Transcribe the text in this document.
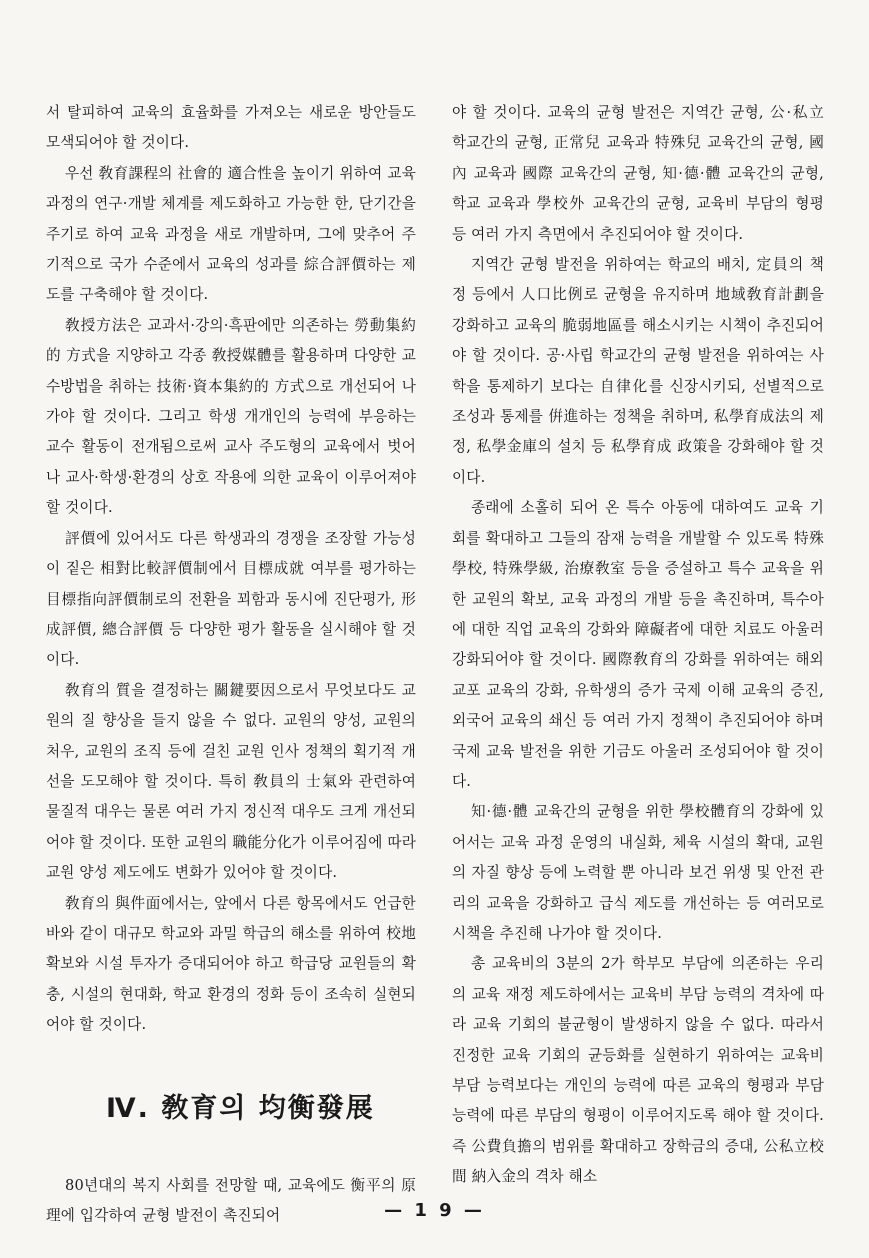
서 탈피하여 교육의 효율화를 가져오는 새로운 방안들도 모색되어야 할 것이다.

우선 敎育課程의 社會的 適合性을 높이기 위하여 교육 과정의 연구·개발 체계를 제도화하고 가능한 한, 단기간을 주기로 하여 교육 과정을 새로 개발하며, 그에 맞추어 주기적으로 국가 수준에서 교육의 성과를 綜合評價하는 제도를 구축해야 할 것이다.

敎授方法은 교과서·강의·흑판에만 의존하는 勞動集約的 方式을 지양하고 각종 敎授媒體를 활용하며 다양한 교수방법을 취하는 技術·資本集約的 方式으로 개선되어 나가야 할 것이다. 그리고 학생 개개인의 능력에 부응하는 교수 활동이 전개됨으로써 교사 주도형의 교육에서 벗어나 교사·학생·환경의 상호 작용에 의한 교육이 이루어져야 할 것이다.

評價에 있어서도 다른 학생과의 경쟁을 조장할 가능성이 짙은 相對比較評價制에서 目標成就 여부를 평가하는 目標指向評價制로의 전환을 꾀함과 동시에 진단평가, 形成評價, 總合評價 등 다양한 평가 활동을 실시해야 할 것이다.

敎育의 質을 결정하는 關鍵要因으로서 무엇보다도 교원의 질 향상을 들지 않을 수 없다. 교원의 양성, 교원의 처우, 교원의 조직 등에 걸친 교원 인사 정책의 획기적 개선을 도모해야 할 것이다. 특히 敎員의 士氣와 관련하여 물질적 대우는 물론 여러 가지 정신적 대우도 크게 개선되어야 할 것이다. 또한 교원의 職能分化가 이루어짐에 따라 교원 양성 제도에도 변화가 있어야 할 것이다.

敎育의 與件面에서는, 앞에서 다른 항목에서도 언급한 바와 같이 대규모 학교와 과밀 학급의 해소를 위하여 校地 확보와 시설 투자가 증대되어야 하고 학급당 교원들의 확충, 시설의 현대화, 학교 환경의 정화 등이 조속히 실현되어야 할 것이다.

Ⅳ. 敎育의 均衡發展

80년대의 복지 사회를 전망할 때, 교육에도 衡平의 原理에 입각하여 균형 발전이 촉진되어

야 할 것이다. 교육의 균형 발전은 지역간 균형, 公·私立 학교간의 균형, 正常兒 교육과 特殊兒 교육간의 균형, 國內 교육과 國際 교육간의 균형, 知·德·體 교육간의 균형, 학교 교육과 學校外 교육간의 균형, 교육비 부담의 형평 등 여러 가지 측면에서 추진되어야 할 것이다.

지역간 균형 발전을 위하여는 학교의 배치, 定員의 책정 등에서 人口比例로 균형을 유지하며 地域敎育計劃을 강화하고 교육의 脆弱地區를 해소시키는 시책이 추진되어야 할 것이다. 공·사립 학교간의 균형 발전을 위하여는 사학을 통제하기 보다는 自律化를 신장시키되, 선별적으로 조성과 통제를 倂進하는 정책을 취하며, 私學育成法의 제정, 私學金庫의 설치 등 私學育成 政策을 강화해야 할 것이다.

종래에 소홀히 되어 온 특수 아동에 대하여도 교육 기회를 확대하고 그들의 잠재 능력을 개발할 수 있도록 特殊學校, 特殊學級, 治療敎室 등을 증설하고 특수 교육을 위한 교원의 확보, 교육 과정의 개발 등을 촉진하며, 특수아에 대한 직업 교육의 강화와 障礙者에 대한 치료도 아울러 강화되어야 할 것이다. 國際敎育의 강화를 위하여는 해외 교포 교육의 강화, 유학생의 증가 국제 이해 교육의 증진, 외국어 교육의 쇄신 등 여러 가지 정책이 추진되어야 하며 국제 교육 발전을 위한 기금도 아울러 조성되어야 할 것이다.

知·德·體 교육간의 균형을 위한 學校體育의 강화에 있어서는 교육 과정 운영의 내실화, 체육 시설의 확대, 교원의 자질 향상 등에 노력할 뿐 아니라 보건 위생 및 안전 관리의 교육을 강화하고 급식 제도를 개선하는 등 여러모로 시책을 추진해 나가야 할 것이다.

총 교육비의 3분의 2가 학부모 부담에 의존하는 우리의 교육 재정 제도하에서는 교육비 부담 능력의 격차에 따라 교육 기회의 불균형이 발생하지 않을 수 없다. 따라서 진정한 교육 기회의 균등화를 실현하기 위하여는 교육비 부담 능력보다는 개인의 능력에 따른 교육의 형평과 부담 능력에 따른 부담의 형평이 이루어지도록 해야 할 것이다. 즉 公費負擔의 범위를 확대하고 장학금의 증대, 公私立校間 納入金의 격차 해소

— 1 9 —
